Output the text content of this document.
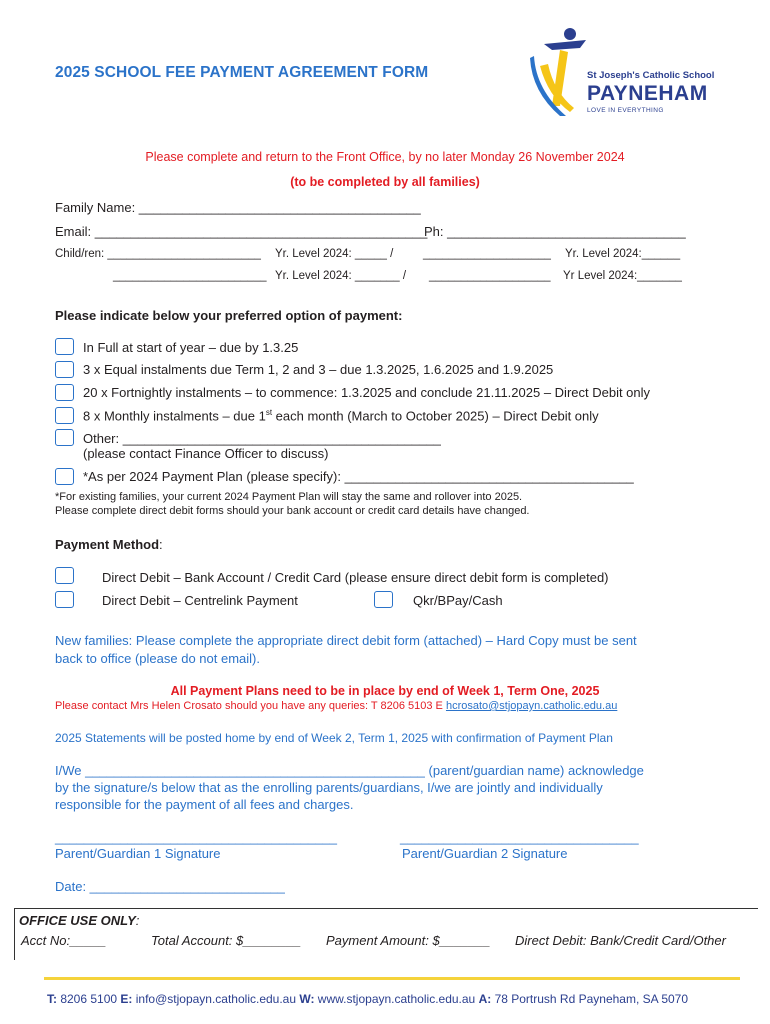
2025 SCHOOL FEE PAYMENT AGREEMENT FORM	St Joseph's Catholic School
PAYNEHAM
LOVE IN EVERYTHING
Please complete and return to the Front Office, by no later Monday 26 November 2024
(to be completed by all families)
Family Name: _______________________________________
Email: ______________________________________________
Ph: _________________________________
Child/ren: ________________________ Yr. Level 2024: _____ /	____________________ Yr. Level 2024:______
________________________ Yr. Level 2024: _______ / ___________________ Yr Level 2024:_______
Please indicate below your preferred option of payment:
In Full at start of year – due by 1.3.25
3 x Equal instalments due Term 1, 2 and 3 – due 1.3.2025, 1.6.2025 and 1.9.2025
20 x Fortnightly instalments – to commence: 1.3.2025 and conclude 21.11.2025 – Direct Debit only
8 x Monthly instalments – due 1st each month (March to October 2025) – Direct Debit only
Other: ____________________________________________
(please contact Finance Officer to discuss)
*As per 2024 Payment Plan (please specify): ________________________________________
*For existing families, your current 2024 Payment Plan will stay the same and rollover into 2025.
Please complete direct debit forms should your bank account or credit card details have changed.
Payment Method:
Direct Debit – Bank Account / Credit Card (please ensure direct debit form is completed)
Direct Debit – Centrelink Payment	Qkr/BPay/Cash
New families: Please complete the appropriate direct debit form (attached) – Hard Copy must be sent
back to office (please do not email).
All Payment Plans need to be in place by end of Week 1, Term One, 2025
Please contact Mrs Helen Crosato should you have any queries: T 8206 5103 E hcrosato@stjopayn.catholic.edu.au
2025 Statements will be posted home by end of Week 2, Term 1, 2025 with confirmation of Payment Plan
I/We _______________________________________________ (parent/guardian name) acknowledge
by the signature/s below that as the enrolling parents/guardians, I/we are jointly and individually
responsible for the payment of all fees and charges.
_______________________________________	_________________________________
Parent/Guardian 1 Signature	Parent/Guardian 2 Signature
Date: ___________________________
OFFICE USE ONLY:
Acct No:_____	Total Account: $________ Payment Amount: $_______ Direct Debit: Bank/Credit Card/Other
T: 8206 5100 E: info@stjopayn.catholic.edu.au W: www.stjopayn.catholic.edu.au A: 78 Portrush Rd Payneham, SA 5070
